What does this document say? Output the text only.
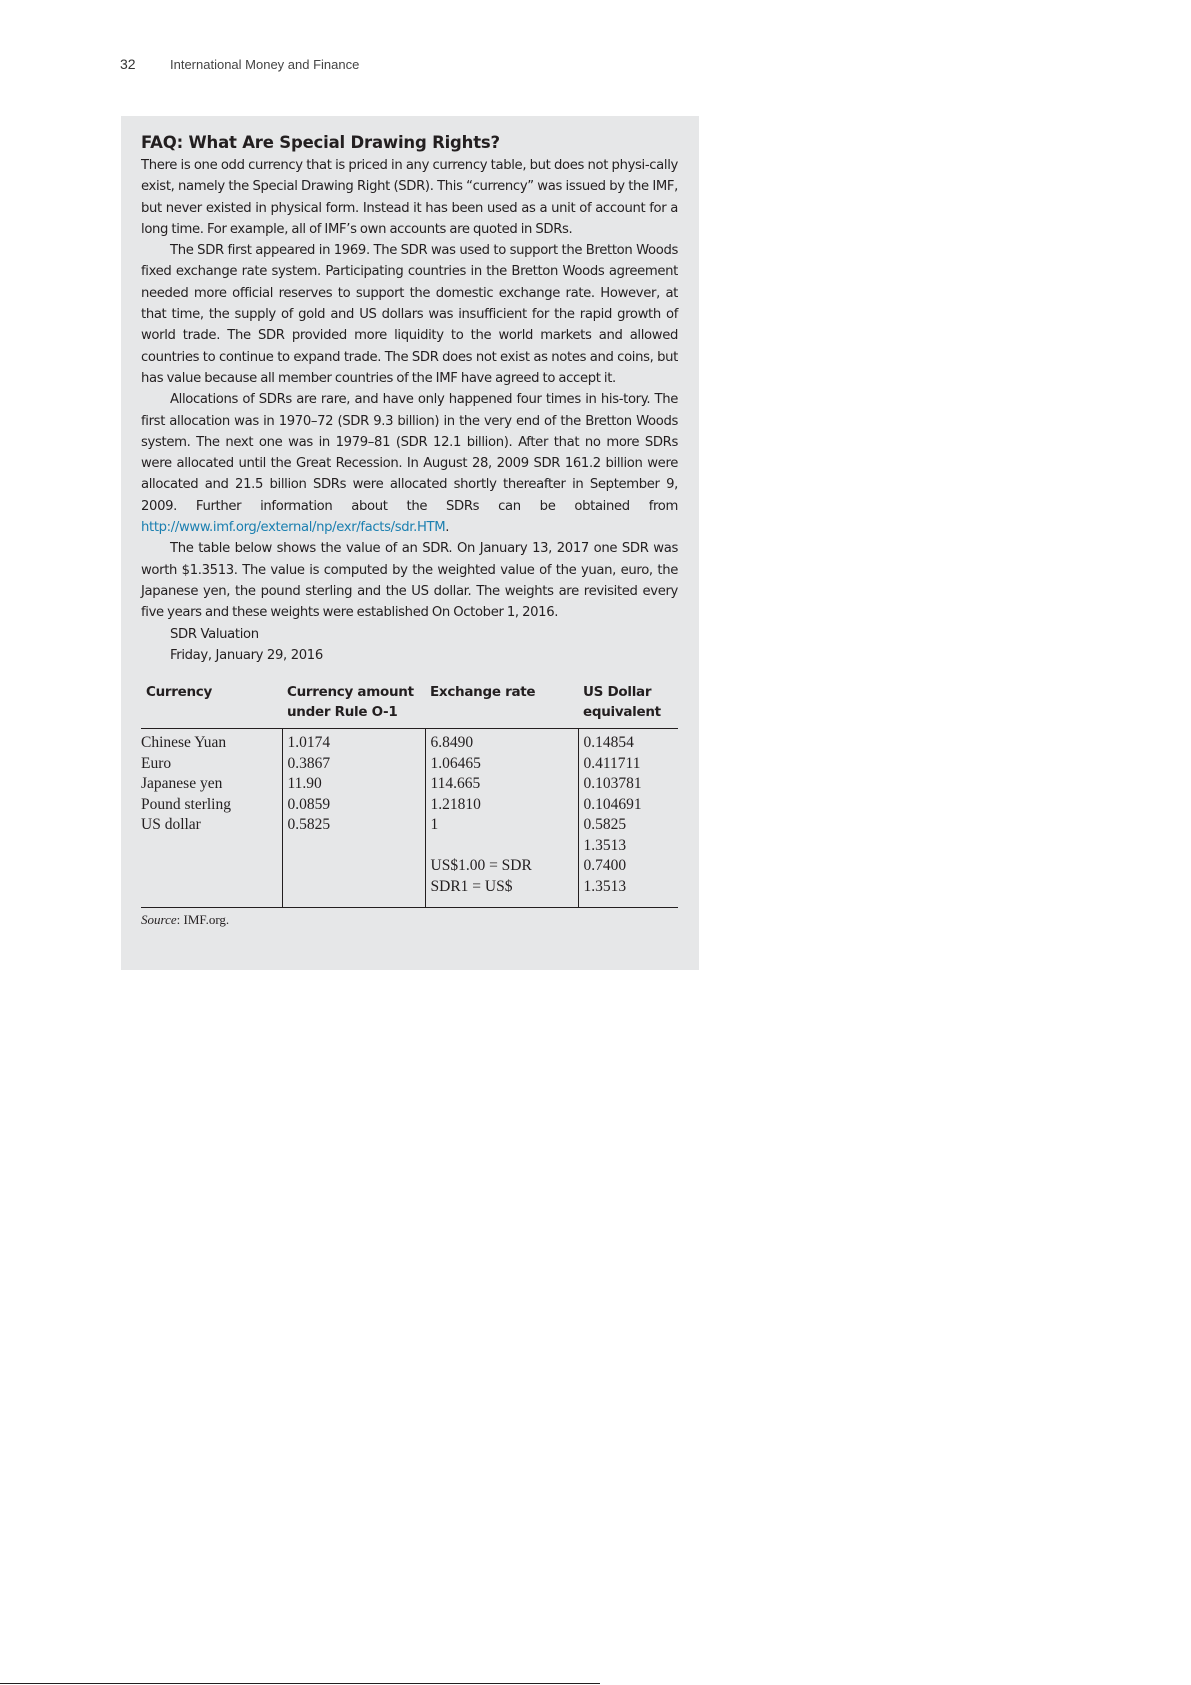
32	International Money and Finance
FAQ: What Are Special Drawing Rights?

There is one odd currency that is priced in any currency table, but does not physi-cally exist, namely the Special Drawing Right (SDR). This “currency” was issued by the IMF, but never existed in physical form. Instead it has been used as a unit of account for a long time. For example, all of IMF’s own accounts are quoted in SDRs.

The SDR first appeared in 1969. The SDR was used to support the Bretton Woods fixed exchange rate system. Participating countries in the Bretton Woods agreement needed more official reserves to support the domestic exchange rate. However, at that time, the supply of gold and US dollars was insufficient for the rapid growth of world trade. The SDR provided more liquidity to the world markets and allowed countries to continue to expand trade. The SDR does not exist as notes and coins, but has value because all member countries of the IMF have agreed to accept it.

Allocations of SDRs are rare, and have only happened four times in his-tory. The first allocation was in 1970–72 (SDR 9.3 billion) in the very end of the Bretton Woods system. The next one was in 1979–81 (SDR 12.1 billion). After that no more SDRs were allocated until the Great Recession. In August 28, 2009 SDR 161.2 billion were allocated and 21.5 billion SDRs were allocated shortly thereafter in September 9, 2009. Further information about the SDRs can be obtained from http://www.imf.org/external/np/exr/facts/sdr.HTM.

The table below shows the value of an SDR. On January 13, 2017 one SDR was worth $1.3513. The value is computed by the weighted value of the yuan, euro, the Japanese yen, the pound sterling and the US dollar. The weights are revisited every five years and these weights were established On October 1, 2016.

SDR Valuation
Friday, January 29, 2016
Currency	Currency amount under Rule O-1	Exchange rate	US Dollar equivalent
Chinese Yuan	1.0174	6.8490	0.14854
Euro	0.3867	1.06465	0.411711
Japanese yen	11.90	114.665	0.103781
Pound sterling	0.0859	1.21810	0.104691
US dollar	0.5825	1	0.5825
			1.3513
		US$1.00 = SDR	0.7400
		SDR1 = US$	1.3513
Source: IMF.org.
